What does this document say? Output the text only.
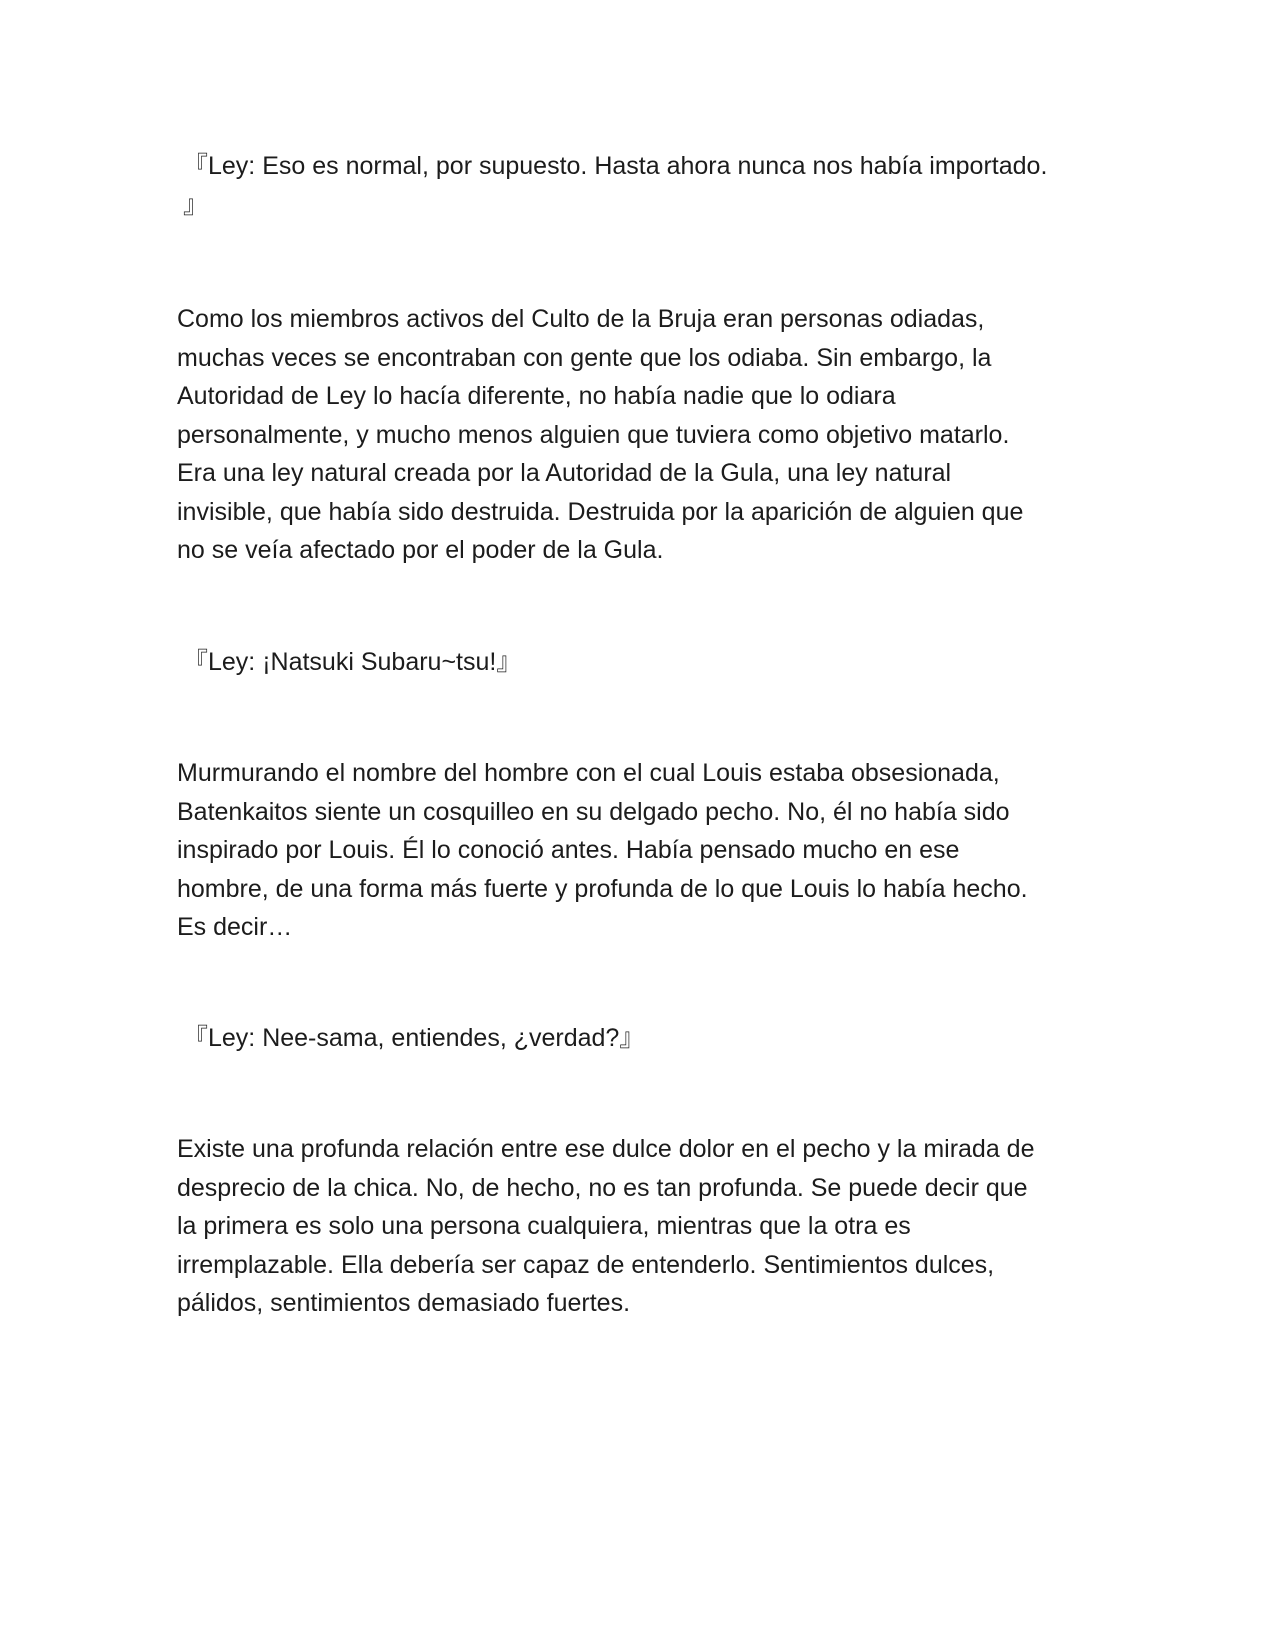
『Ley: Eso es normal, por supuesto. Hasta ahora nunca nos había importado.
』

Como los miembros activos del Culto de la Bruja eran personas odiadas,
muchas veces se encontraban con gente que los odiaba. Sin embargo, la
Autoridad de Ley lo hacía diferente, no había nadie que lo odiara
personalmente, y mucho menos alguien que tuviera como objetivo matarlo.
Era una ley natural creada por la Autoridad de la Gula, una ley natural
invisible, que había sido destruida. Destruida por la aparición de alguien que
no se veía afectado por el poder de la Gula.

『Ley: ¡Natsuki Subaru~tsu!』

Murmurando el nombre del hombre con el cual Louis estaba obsesionada,
Batenkaitos siente un cosquilleo en su delgado pecho. No, él no había sido
inspirado por Louis. Él lo conoció antes. Había pensado mucho en ese
hombre, de una forma más fuerte y profunda de lo que Louis lo había hecho.
Es decir…

『Ley: Nee-sama, entiendes, ¿verdad?』

Existe una profunda relación entre ese dulce dolor en el pecho y la mirada de
desprecio de la chica. No, de hecho, no es tan profunda. Se puede decir que
la primera es solo una persona cualquiera, mientras que la otra es
irremplazable. Ella debería ser capaz de entenderlo. Sentimientos dulces,
pálidos, sentimientos demasiado fuertes.
